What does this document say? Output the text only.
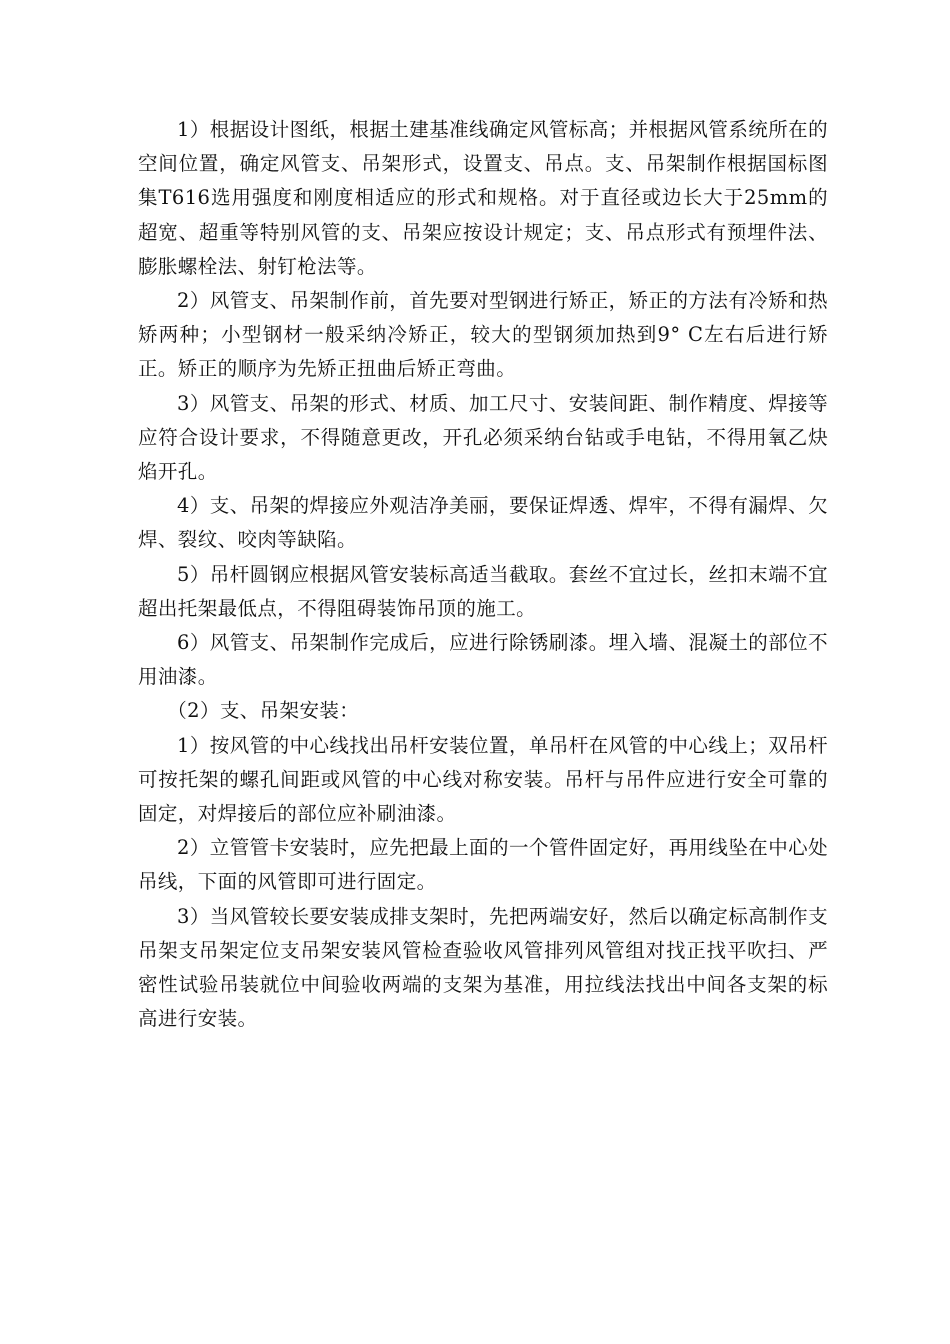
1）根据设计图纸，根据土建基准线确定风管标高；并根据风管系统所在的空间位置，确定风管支、吊架形式，设置支、吊点。支、吊架制作根据国标图集T616选用强度和刚度相适应的形式和规格。对于直径或边长大于25mm的超宽、超重等特别风管的支、吊架应按设计规定；支、吊点形式有预埋件法、膨胀螺栓法、射钉枪法等。

2）风管支、吊架制作前，首先要对型钢进行矫正，矫正的方法有冷矫和热矫两种；小型钢材一般采纳冷矫正，较大的型钢须加热到9° C左右后进行矫正。矫正的顺序为先矫正扭曲后矫正弯曲。

3）风管支、吊架的形式、材质、加工尺寸、安装间距、制作精度、焊接等应符合设计要求，不得随意更改，开孔必须采纳台钻或手电钻，不得用氧乙炔焰开孔。

4）支、吊架的焊接应外观洁净美丽，要保证焊透、焊牢，不得有漏焊、欠焊、裂纹、咬肉等缺陷。

5）吊杆圆钢应根据风管安装标高适当截取。套丝不宜过长，丝扣末端不宜超出托架最低点，不得阻碍装饰吊顶的施工。

6）风管支、吊架制作完成后，应进行除锈刷漆。埋入墙、混凝土的部位不用油漆。

（2）支、吊架安装：

1）按风管的中心线找出吊杆安装位置，单吊杆在风管的中心线上；双吊杆可按托架的螺孔间距或风管的中心线对称安装。吊杆与吊件应进行安全可靠的固定，对焊接后的部位应补刷油漆。

2）立管管卡安装时，应先把最上面的一个管件固定好，再用线坠在中心处吊线，下面的风管即可进行固定。

3）当风管较长要安装成排支架时，先把两端安好，然后以确定标高制作支吊架支吊架定位支吊架安装风管检查验收风管排列风管组对找正找平吹扫、严密性试验吊装就位中间验收两端的支架为基准，用拉线法找出中间各支架的标高进行安装。
